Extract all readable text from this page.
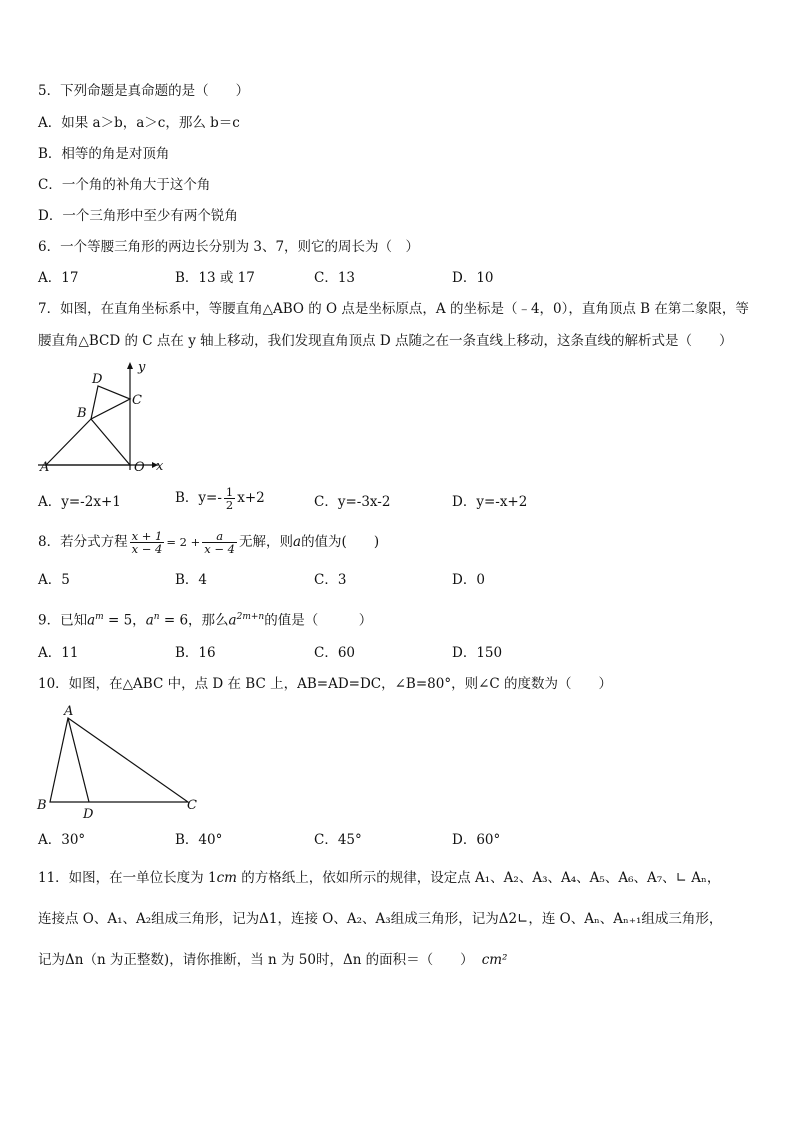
5．下列命题是真命题的是（　　）
A．如果 a＞b，a＞c，那么 b＝c
B．相等的角是对顶角
C．一个角的补角大于这个角
D．一个三角形中至少有两个锐角
6．一个等腰三角形的两边长分别为 3、7，则它的周长为（　）
A．17	B．13 或 17	C．13	D．10
7．如图，在直角坐标系中，等腰直角△ABO 的 O 点是坐标原点，A 的坐标是（﹣4，0），直角顶点 B 在第二象限，等
腰直角△BCD 的 C 点在 y 轴上移动，我们发现直角顶点 D 点随之在一条直线上移动，这条直线的解析式是（　　）
D
C
B
A	O x
y
A．y=-2x+1	B．$y=- \frac{1}{2} x+2$	C．y=-3x-2	D．y=-x+2
8．若分式方程 $\frac{x + 1}{x - 4} = 2 + \frac{a}{x - 4}$ 无解，则a的值为(　　)
A．5	B．4	C．3	D．0
9．已知$a^m = 5$，$a^n = 6$，那么$a^{2m+n}$的值是（　　　）
A．11	B．16	C．60	D．150
10．如图，在△ABC 中，点 D 在 BC 上，AB=AD=DC，∠B=80°，则∠C 的度数为（　　）
A
B
D
C
A．30°	B．40°	C．45°	D．60°
11．如图，在一单位长度为 1cm 的方格纸上，依如所示的规律，设定点 A₁、A₂、A₃、A₄、A₅、A₆、A₇、∟ Aₙ，
连接点 O、A₁、A₂组成三角形，记为Δ1，连接 O、A₂、A₃组成三角形，记为Δ2∟，连 O、Aₙ、Aₙ₊₁组成三角形，
记为Δn（n 为正整数)，请你推断，当 n 为 50时，Δn 的面积＝（　　） cm²
